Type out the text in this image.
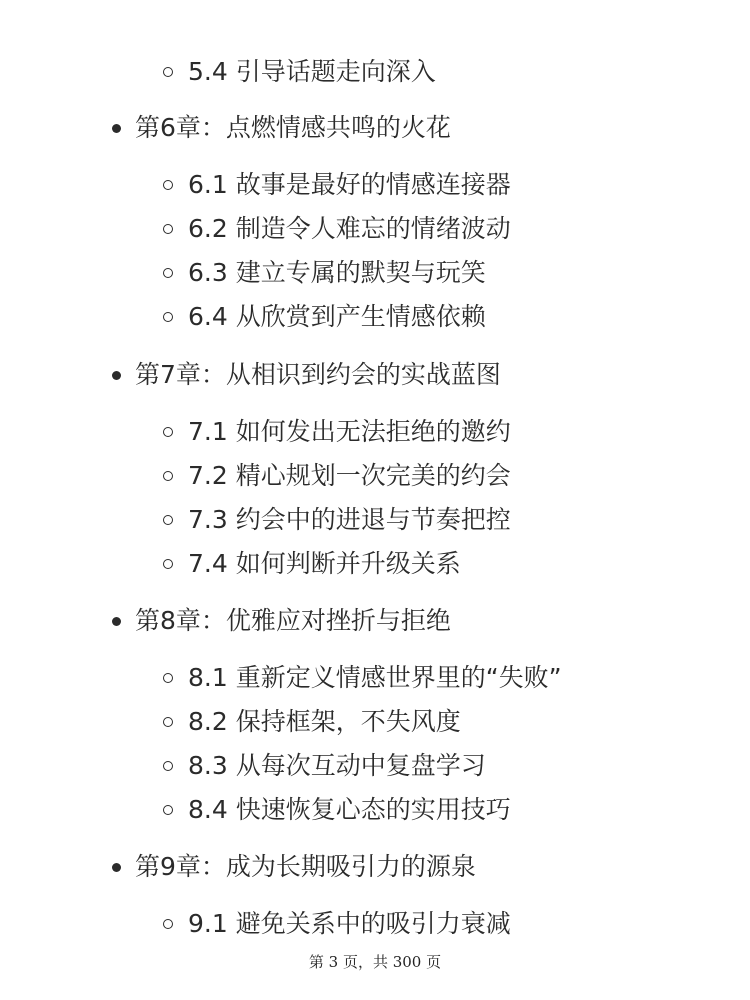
5.4 引导话题走向深入
第6章：点燃情感共鸣的火花
6.1 故事是最好的情感连接器
6.2 制造令人难忘的情绪波动
6.3 建立专属的默契与玩笑
6.4 从欣赏到产生情感依赖
第7章：从相识到约会的实战蓝图
7.1 如何发出无法拒绝的邀约
7.2 精心规划一次完美的约会
7.3 约会中的进退与节奏把控
7.4 如何判断并升级关系
第8章：优雅应对挫折与拒绝
8.1 重新定义情感世界里的“失败”
8.2 保持框架，不失风度
8.3 从每次互动中复盘学习
8.4 快速恢复心态的实用技巧
第9章：成为长期吸引力的源泉
9.1 避免关系中的吸引力衰减
第 3 页，共 300 页
